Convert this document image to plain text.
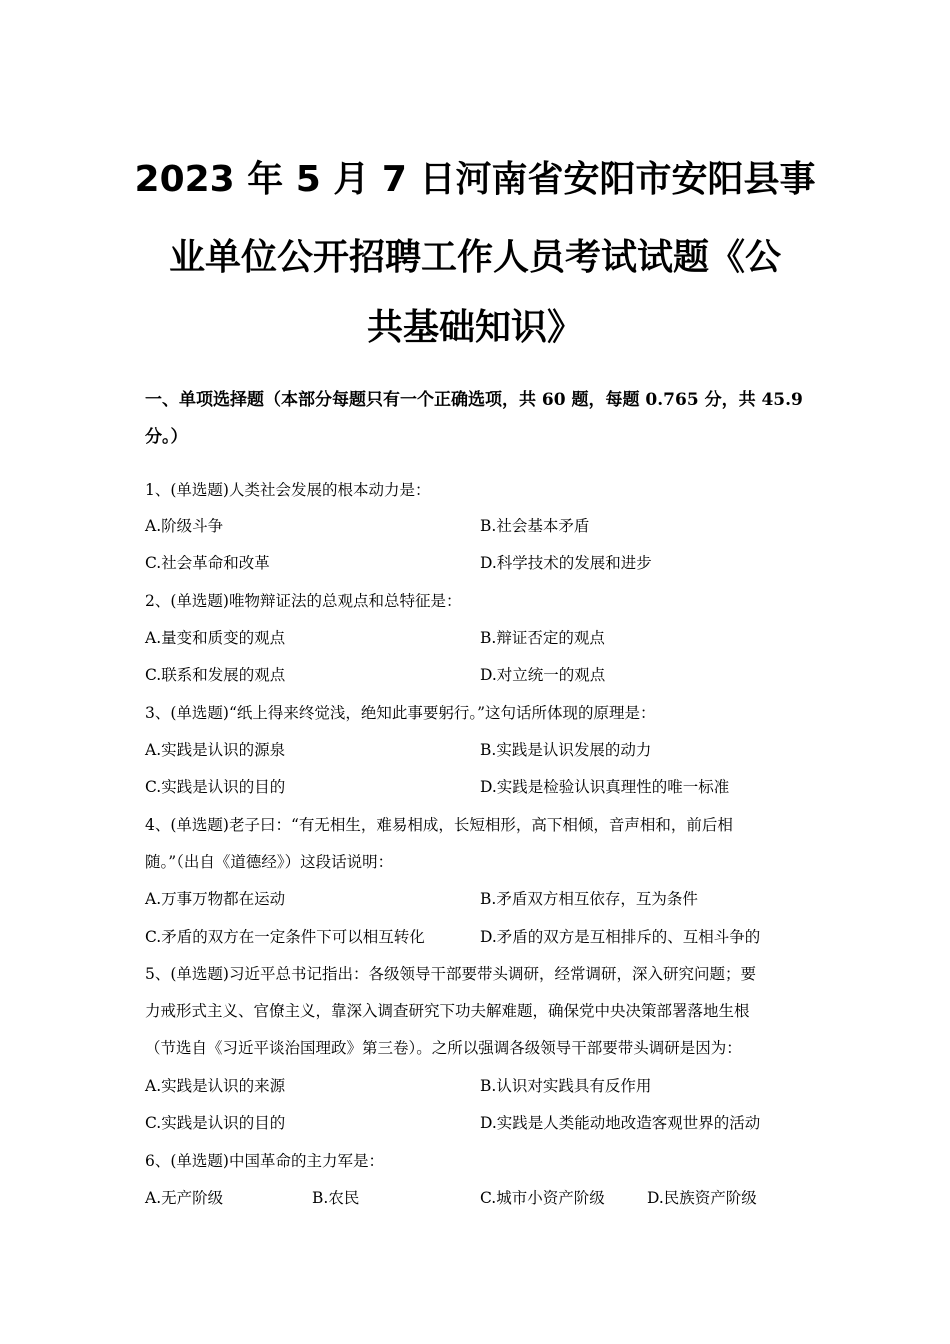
2023 年 5 月 7 日河南省安阳市安阳县事
业单位公开招聘工作人员考试试题《公
共基础知识》
一、单项选择题（本部分每题只有一个正确选项，共 60 题，每题 0.765 分，共 45.9 分。）
1、(单选题)人类社会发展的根本动力是：
A.阶级斗争	B.社会基本矛盾
C.社会革命和改革	D.科学技术的发展和进步
2、(单选题)唯物辩证法的总观点和总特征是：
A.量变和质变的观点	B.辩证否定的观点
C.联系和发展的观点	D.对立统一的观点
3、(单选题)“纸上得来终觉浅，绝知此事要躬行。”这句话所体现的原理是：
A.实践是认识的源泉	B.实践是认识发展的动力
C.实践是认识的目的	D.实践是检验认识真理性的唯一标准
4、(单选题)老子曰：“有无相生，难易相成，长短相形，高下相倾，音声相和，前后相
随。”（出自《道德经》）这段话说明：
A.万事万物都在运动	B.矛盾双方相互依存，互为条件
C.矛盾的双方在一定条件下可以相互转化	D.矛盾的双方是互相排斥的、互相斗争的
5、(单选题)习近平总书记指出：各级领导干部要带头调研，经常调研，深入研究问题；要
力戒形式主义、官僚主义，靠深入调查研究下功夫解难题，确保党中央决策部署落地生根
（节选自《习近平谈治国理政》第三卷）。之所以强调各级领导干部要带头调研是因为：
A.实践是认识的来源	B.认识对实践具有反作用
C.实践是认识的目的	D.实践是人类能动地改造客观世界的活动
6、(单选题)中国革命的主力军是：
A.无产阶级	B.农民	C.城市小资产阶级	D.民族资产阶级
